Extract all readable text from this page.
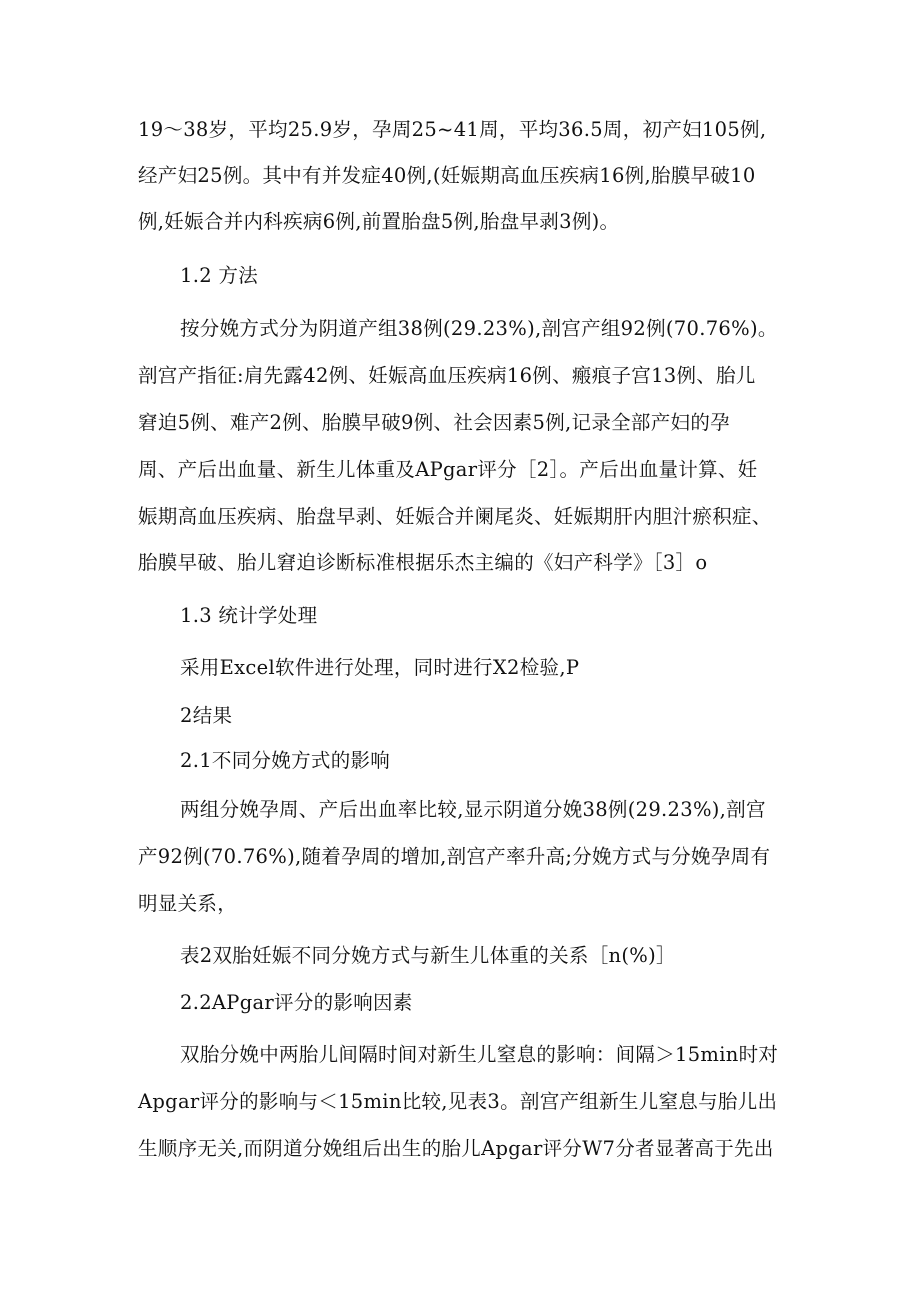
19～38岁，平均25.9岁，孕周25~41周，平均36.5周，初产妇105例,
经产妇25例。其中有并发症40例,(妊娠期高血压疾病16例,胎膜早破10
例,妊娠合并内科疾病6例,前置胎盘5例,胎盘早剥3例)。
1.2 方法
按分娩方式分为阴道产组38例(29.23%),剖宫产组92例(70.76%)。
剖宫产指征:肩先露42例、妊娠高血压疾病16例、瘢痕子宫13例、胎儿
窘迫5例、难产2例、胎膜早破9例、社会因素5例,记录全部产妇的孕
周、产后出血量、新生儿体重及APgar评分［2］。产后出血量计算、妊
娠期高血压疾病、胎盘早剥、妊娠合并阑尾炎、妊娠期肝内胆汁瘀积症、
胎膜早破、胎儿窘迫诊断标准根据乐杰主编的《妇产科学》［3］o
1.3 统计学处理
采用Excel软件进行处理，同时进行X2检验,P
2结果
2.1不同分娩方式的影响
两组分娩孕周、产后出血率比较,显示阴道分娩38例(29.23%),剖宫
产92例(70.76%),随着孕周的增加,剖宫产率升高;分娩方式与分娩孕周有
明显关系，
表2双胎妊娠不同分娩方式与新生儿体重的关系［n(%)］
2.2APgar评分的影响因素
双胎分娩中两胎儿间隔时间对新生儿窒息的影响：间隔＞15min时对
Apgar评分的影响与＜15min比较,见表3。剖宫产组新生儿窒息与胎儿出
生顺序无关,而阴道分娩组后出生的胎儿Apgar评分W7分者显著高于先出
